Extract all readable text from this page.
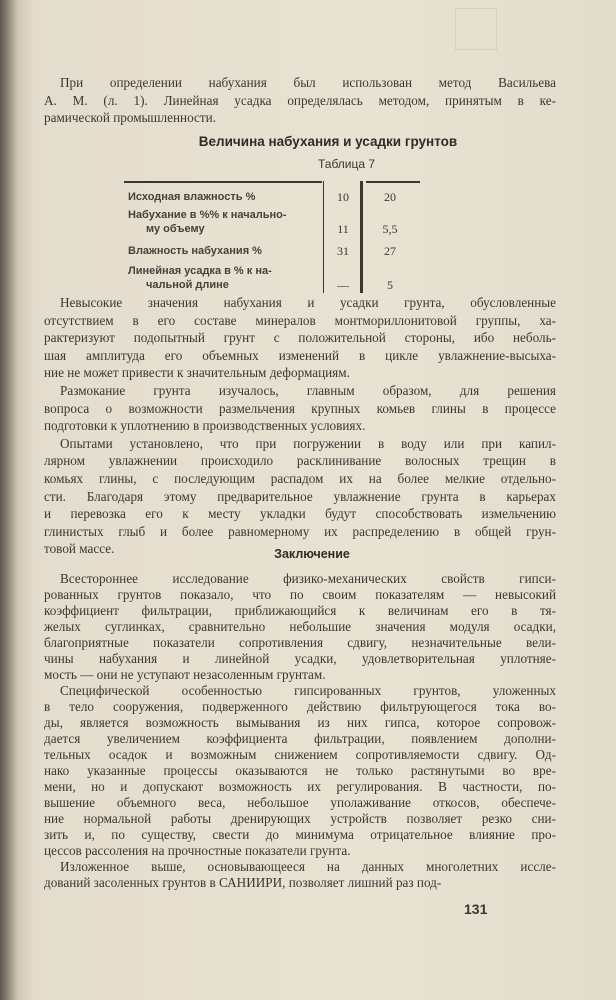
При определении набухания был использован метод Васильева
А. М. (л. 1). Линейная усадка определялась методом, принятым в ке-
рамической промышленности.
Невысокие значения набухания и усадки грунта, обусловленные
отсутствием в его составе минералов монтмориллонитовой группы, ха-
рактеризуют подопытный грунт с положительной стороны, ибо неболь-
шая амплитуда его объемных изменений в цикле увлажнение-высыха-
ние не может привести к значительным деформациям.
Размокание грунта изучалось, главным образом, для решения
вопроса о возможности размельчения крупных комьев глины в процессе
подготовки к уплотнению в производственных условиях.
Опытами установлено, что при погружении в воду или при капил-
лярном увлажнении происходило расклинивание волосных трещин в
комьях глины, с последующим распадом их на более мелкие отдельно-
сти. Благодаря этому предварительное увлажнение грунта в карьерах
и перевозка его к месту укладки будут способствовать измельчению
глинистых глыб и более равномерному их распределению в общей грун-
товой массе.
Всестороннее исследование физико-механических свойств гипси-
рованных грунтов показало, что по своим показателям — невысокий
коэффициент фильтрации, приближающийся к величинам его в тя-
желых суглинках, сравнительно небольшие значения модуля осадки,
благоприятные показатели сопротивления сдвигу, незначительные вели-
чины набухания и линейной усадки, удовлетворительная уплотняе-
мость — они не уступают незасоленным грунтам.
Специфической особенностью гипсированных грунтов, уложенных
в тело сооружения, подверженного действию фильтрующегося тока во-
ды, является возможность вымывания из них гипса, которое сопровож-
дается увеличением коэффициента фильтрации, появлением дополни-
тельных осадок и возможным снижением сопротивляемости сдвигу. Од-
нако указанные процессы оказываются не только растянутыми во вре-
мени, но и допускают возможность их регулирования. В частности, по-
вышение объемного веса, небольшое уполаживание откосов, обеспече-
ние нормальной работы дренирующих устройств позволяет резко сни-
зить и, по существу, свести до минимума отрицательное влияние про-
цессов рассоления на прочностные показатели грунта.
Изложенное выше, основывающееся на данных многолетних иссле-
дований засоленных грунтов в САНИИРИ, позволяет лишний раз под-
Величина набухания и усадки грунтов
Таблица 7
Исходная влажность %	10	20
Набухание в %% к начально-
му объему	11	5,5
Влажность набухания %	31	27
Линейная усадка в % к на-
чальной длине	—	5
Заключение
131
